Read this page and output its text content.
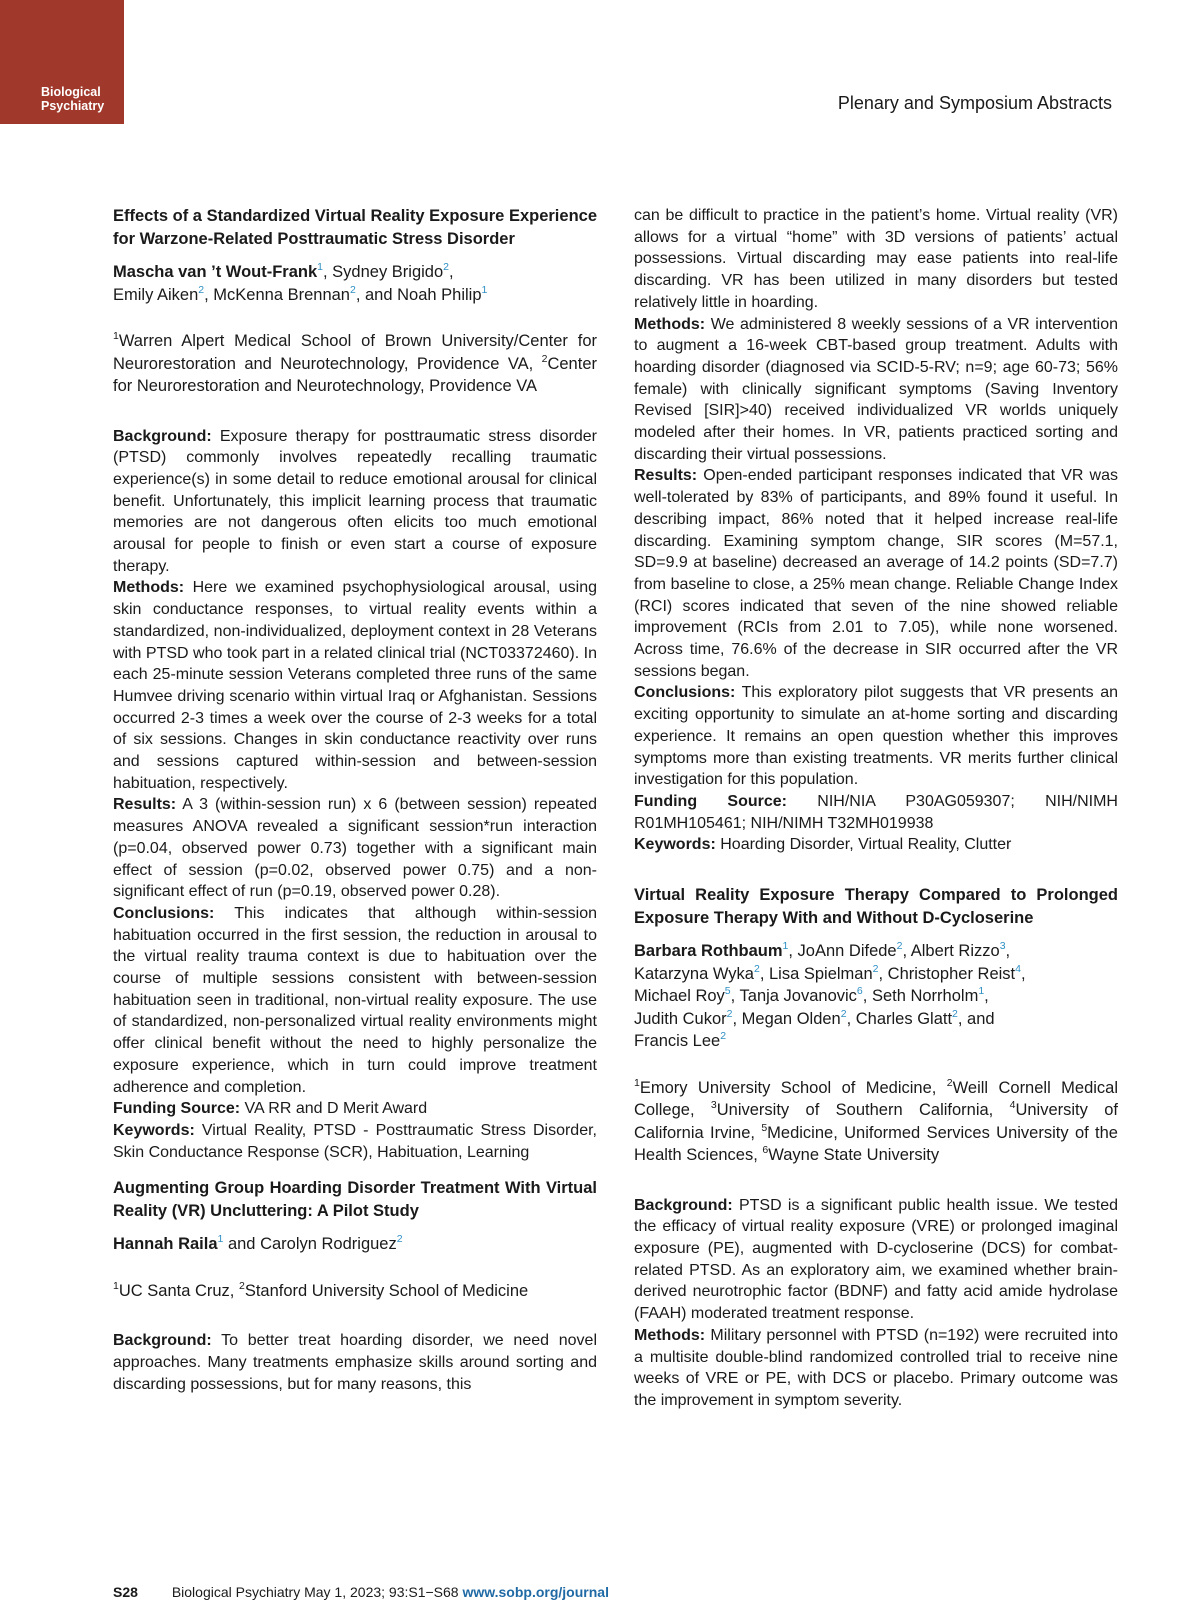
Biological
Psychiatry	Plenary and Symposium Abstracts

Effects of a Standardized Virtual Reality Exposure Experience for Warzone-Related Posttraumatic Stress Disorder

Mascha van ’t Wout-Frank$^1$, Sydney Brigido$^2$,
Emily Aiken$^2$, McKenna Brennan$^2$, and Noah Philip$^1$

$^1$Warren Alpert Medical School of Brown University/Center for Neurorestoration and Neurotechnology, Providence VA, $^2$Center for Neurorestoration and Neurotechnology, Providence VA

Background: Exposure therapy for posttraumatic stress disorder (PTSD) commonly involves repeatedly recalling traumatic experience(s) in some detail to reduce emotional arousal for clinical benefit. Unfortunately, this implicit learning process that traumatic memories are not dangerous often elicits too much emotional arousal for people to finish or even start a course of exposure therapy.

Methods: Here we examined psychophysiological arousal, using skin conductance responses, to virtual reality events within a standardized, non-individualized, deployment context in 28 Veterans with PTSD who took part in a related clinical trial (NCT03372460). In each 25-minute session Veterans completed three runs of the same Humvee driving scenario within virtual Iraq or Afghanistan. Sessions occurred 2-3 times a week over the course of 2-3 weeks for a total of six sessions. Changes in skin conductance reactivity over runs and sessions captured within-session and between-session habituation, respectively.

Results: A 3 (within-session run) x 6 (between session) repeated measures ANOVA revealed a significant session*run interaction (p=0.04, observed power 0.73) together with a significant main effect of session (p=0.02, observed power 0.75) and a non-significant effect of run (p=0.19, observed power 0.28).

Conclusions: This indicates that although within-session habituation occurred in the first session, the reduction in arousal to the virtual reality trauma context is due to habituation over the course of multiple sessions consistent with between-session habituation seen in traditional, non-virtual reality exposure. The use of standardized, non-personalized virtual reality environments might offer clinical benefit without the need to highly personalize the exposure experience, which in turn could improve treatment adherence and completion.

Funding Source: VA RR and D Merit Award

Keywords: Virtual Reality, PTSD - Posttraumatic Stress Disorder, Skin Conductance Response (SCR), Habituation, Learning

Augmenting Group Hoarding Disorder Treatment With Virtual Reality (VR) Uncluttering: A Pilot Study

Hannah Raila$^1$ and Carolyn Rodriguez$^2$

$^1$UC Santa Cruz, $^2$Stanford University School of Medicine

Background: To better treat hoarding disorder, we need novel approaches. Many treatments emphasize skills around sorting and discarding possessions, but for many reasons, this

can be difficult to practice in the patient’s home. Virtual reality (VR) allows for a virtual “home” with 3D versions of patients’ actual possessions. Virtual discarding may ease patients into real-life discarding. VR has been utilized in many disorders but tested relatively little in hoarding.

Methods: We administered 8 weekly sessions of a VR intervention to augment a 16-week CBT-based group treatment. Adults with hoarding disorder (diagnosed via SCID-5-RV; n=9; age 60-73; 56% female) with clinically significant symptoms (Saving Inventory Revised [SIR]>40) received individualized VR worlds uniquely modeled after their homes. In VR, patients practiced sorting and discarding their virtual possessions.

Results: Open-ended participant responses indicated that VR was well-tolerated by 83% of participants, and 89% found it useful. In describing impact, 86% noted that it helped increase real-life discarding. Examining symptom change, SIR scores (M=57.1, SD=9.9 at baseline) decreased an average of 14.2 points (SD=7.7) from baseline to close, a 25% mean change. Reliable Change Index (RCI) scores indicated that seven of the nine showed reliable improvement (RCIs from 2.01 to 7.05), while none worsened. Across time, 76.6% of the decrease in SIR occurred after the VR sessions began.

Conclusions: This exploratory pilot suggests that VR presents an exciting opportunity to simulate an at-home sorting and discarding experience. It remains an open question whether this improves symptoms more than existing treatments. VR merits further clinical investigation for this population.

Funding Source: NIH/NIA P30AG059307; NIH/NIMH R01MH105461; NIH/NIMH T32MH019938

Keywords: Hoarding Disorder, Virtual Reality, Clutter

Virtual Reality Exposure Therapy Compared to Prolonged Exposure Therapy With and Without D-Cycloserine

Barbara Rothbaum$^1$, JoAnn Difede$^2$, Albert Rizzo$^3$,
Katarzyna Wyka$^2$, Lisa Spielman$^2$, Christopher Reist$^4$,
Michael Roy$^5$, Tanja Jovanovic$^6$, Seth Norrholm$^1$,
Judith Cukor$^2$, Megan Olden$^2$, Charles Glatt$^2$, and
Francis Lee$^2$

$^1$Emory University School of Medicine, $^2$Weill Cornell Medical College, $^3$University of Southern California, $^4$University of California Irvine, $^5$Medicine, Uniformed Services University of the Health Sciences, $^6$Wayne State University

Background: PTSD is a significant public health issue. We tested the efficacy of virtual reality exposure (VRE) or prolonged imaginal exposure (PE), augmented with D-cycloserine (DCS) for combat-related PTSD. As an exploratory aim, we examined whether brain-derived neurotrophic factor (BDNF) and fatty acid amide hydrolase (FAAH) moderated treatment response.

Methods: Military personnel with PTSD (n=192) were recruited into a multisite double-blind randomized controlled trial to receive nine weeks of VRE or PE, with DCS or placebo. Primary outcome was the improvement in symptom severity.

S28 Biological Psychiatry May 1, 2023; 93:S1−S68 www.sobp.org/journal
